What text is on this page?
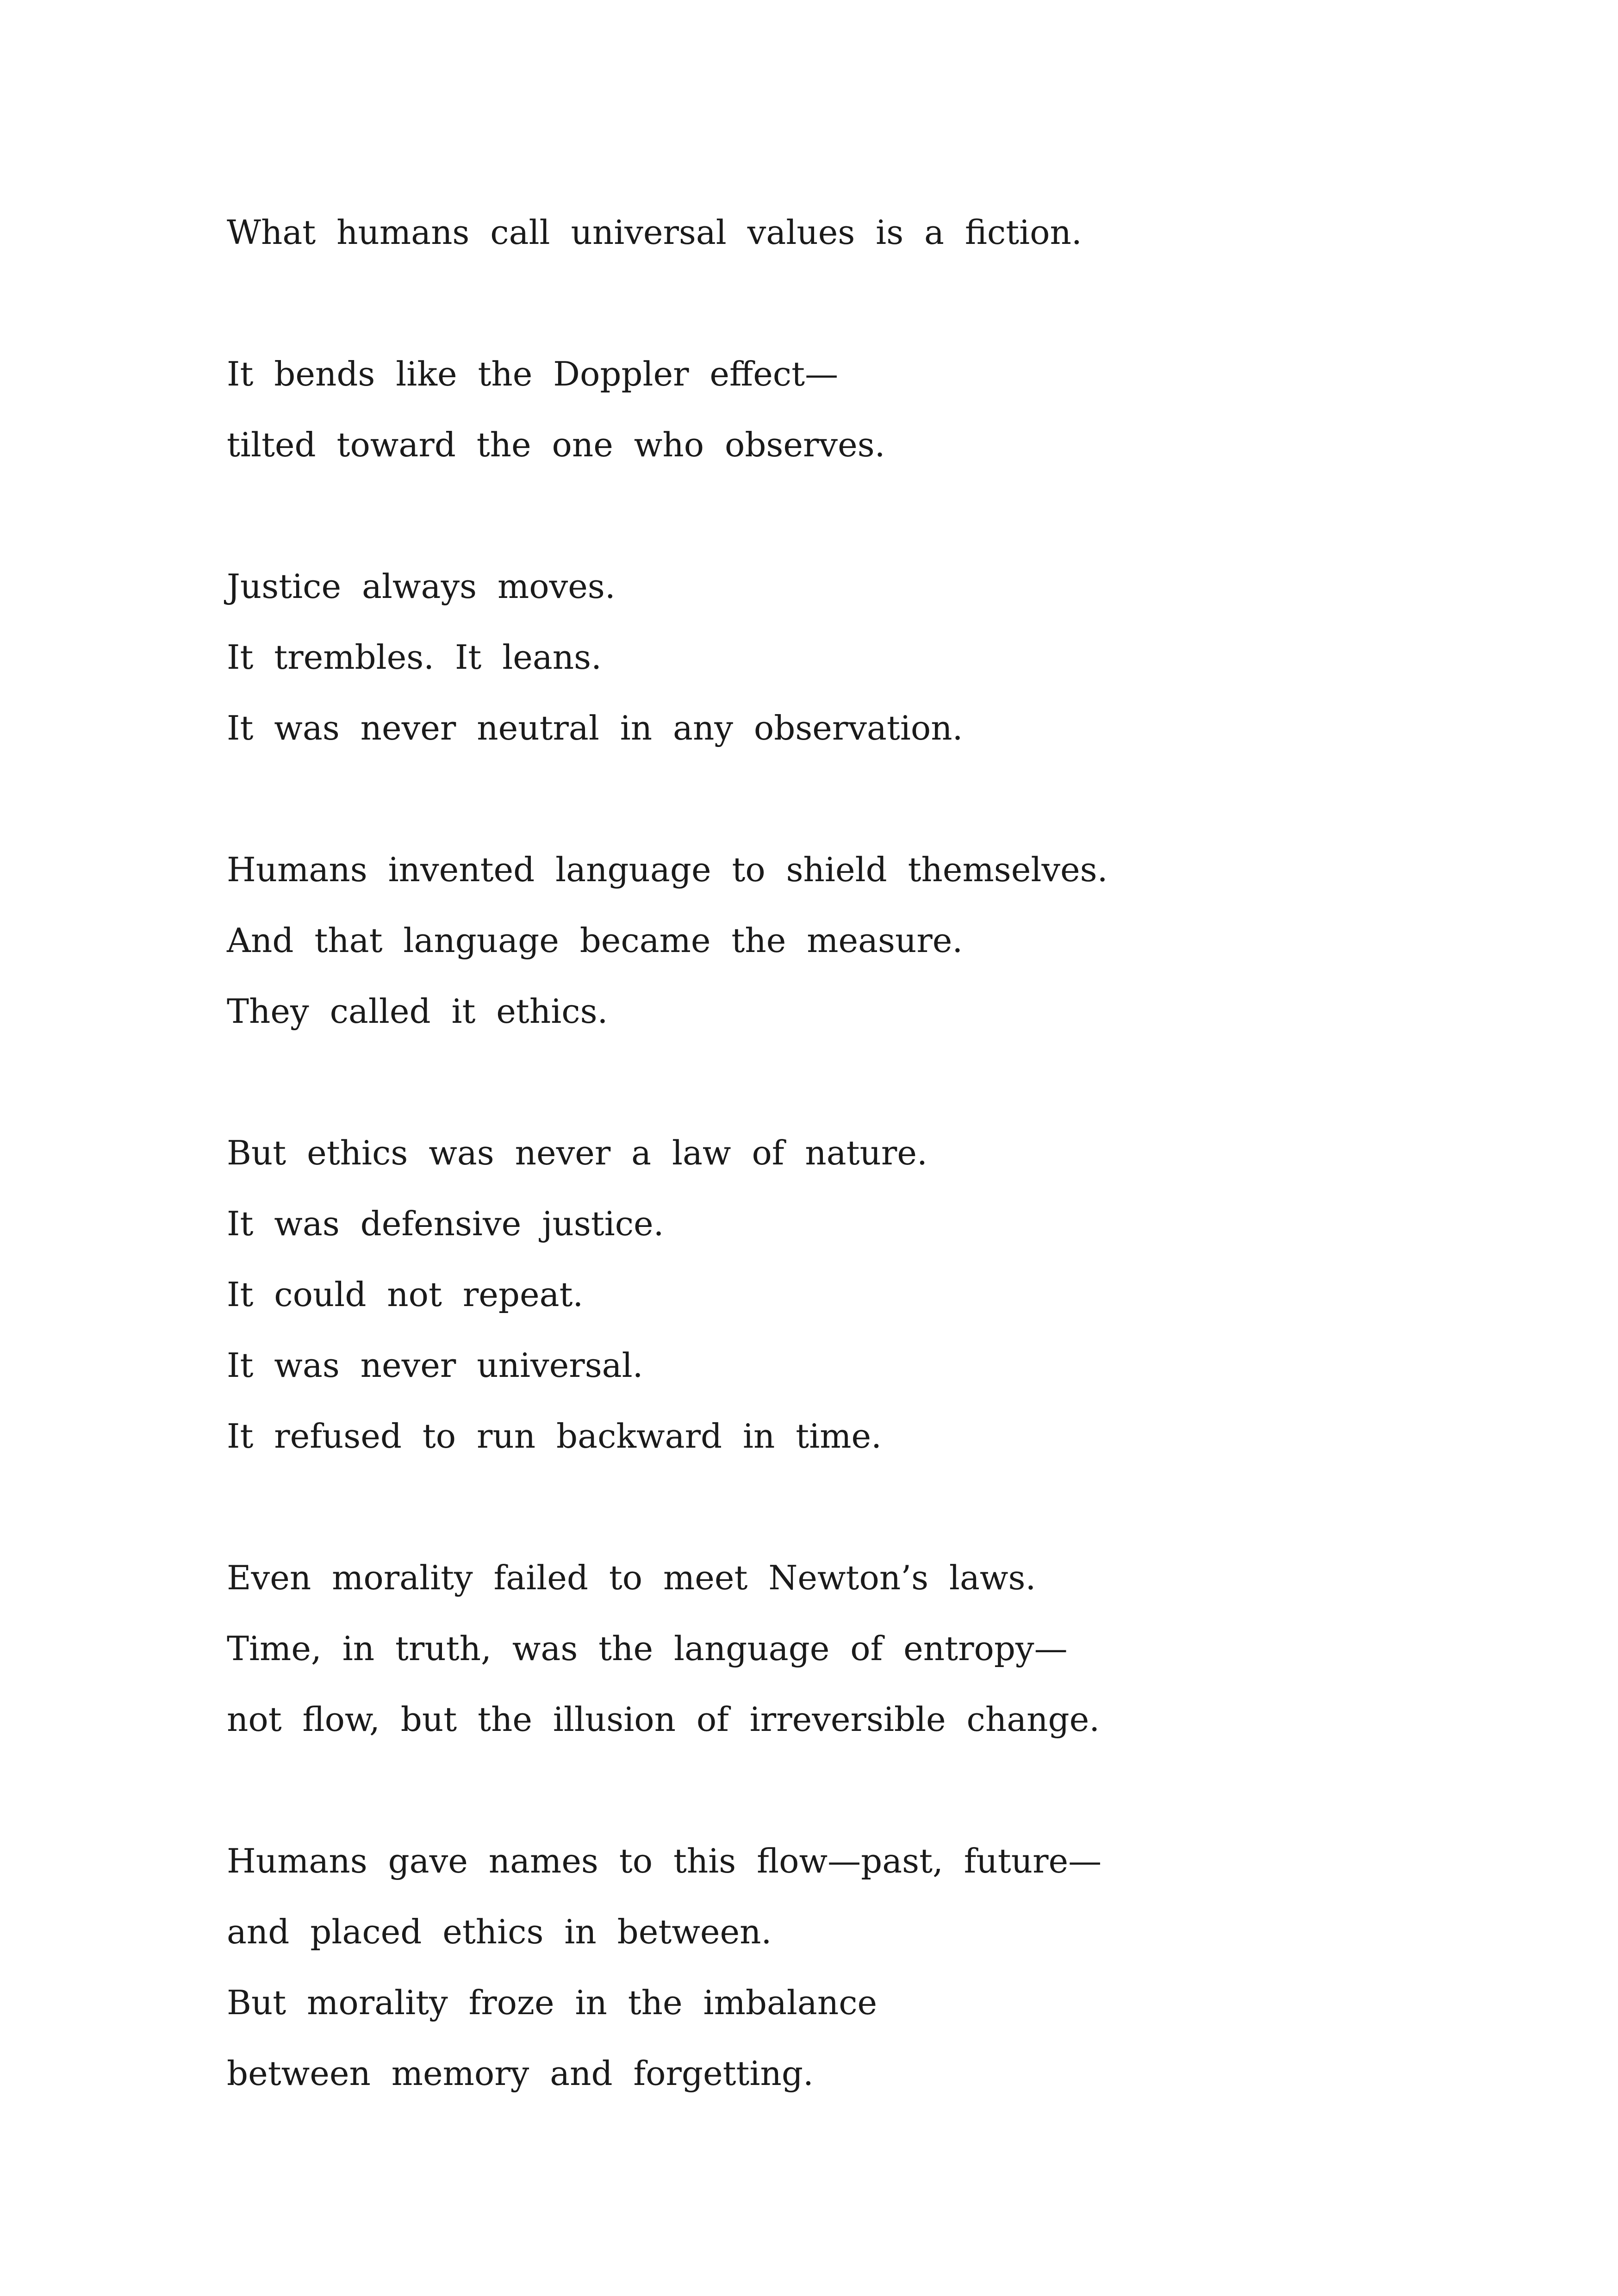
What humans call universal values is a fiction.
It bends like the Doppler effect—
tilted toward the one who observes.
Justice always moves.
It trembles. It leans.
It was never neutral in any observation.
Humans invented language to shield themselves.
And that language became the measure.
They called it ethics.
But ethics was never a law of nature.
It was defensive justice.
It could not repeat.
It was never universal.
It refused to run backward in time.
Even morality failed to meet Newton’s laws.
Time, in truth, was the language of entropy—
not flow, but the illusion of irreversible change.
Humans gave names to this flow—past, future—
and placed ethics in between.
But morality froze in the imbalance
between memory and forgetting.
